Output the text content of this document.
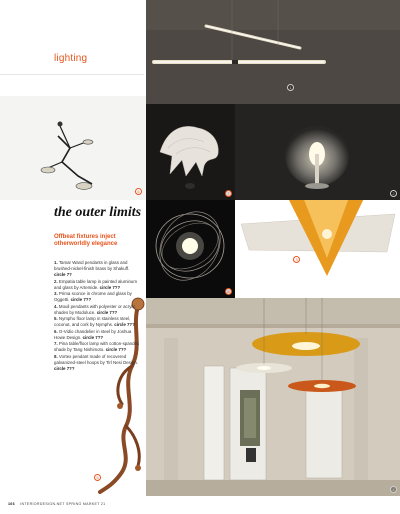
lighting
1
6	7	2
8
3
4
5
the outer limits
Offbeat fixtures inject otherworldly elegance
1. Tamar Wand pendants in glass and brushed-nickel-finish brass by Shakuff. circle 7?
2. Empatia table lamp in painted aluminum and glass by Artemide. circle 7??
3. Prima sconce in chrome and glass by Oggetti. circle 7??
4. Mouil pendants with polyester or acrylic shades by Modoluce. circle 7??
5. Nympho floor lamp in stainless steel, coconut, and cork by Nymphs. circle 7??
6. O-Vidio chandelier in steel by Joshua Howe Design. circle 7??
7. Pina table/floor lamp with cotton-spandex shade by Tang Nishimoto. circle 7??
8. Vortex pendant made of recovered galvanized-steel hoops by Tirl Nesi Design. circle 7??
166 INTERIORDESIGN.NET SPRING MARKET 21
